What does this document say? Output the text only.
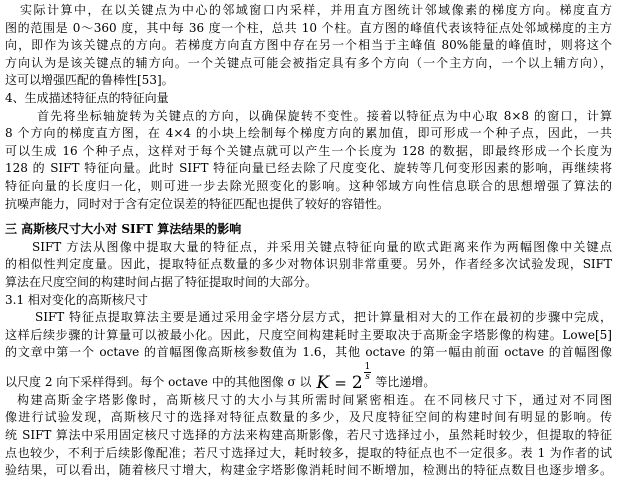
实际计算中，在以关键点为中心的邻域窗口内采样，并用直方图统计邻域像素的梯度方向。梯度直方
图的范围是 0～360 度，其中每 36 度一个柱，总共 10 个柱。直方图的峰值代表该特征点处邻域梯度的主方
向，即作为该关键点的方向。若梯度方向直方图中存在另一个相当于主峰值 80%能量的峰值时，则将这个
方向认为是该关键点的辅方向。一个关键点可能会被指定具有多个方向（一个主方向，一个以上辅方向），
这可以增强匹配的鲁棒性[53]。
4、生成描述特征点的特征向量
首先将坐标轴旋转为关键点的方向，以确保旋转不变性。接着以特征点为中心取 8×8 的窗口，计算
8 个方向的梯度直方图，在 4×4 的小块上绘制每个梯度方向的累加值，即可形成一个种子点，因此，一共
可以生成 16 个种子点，这样对于每个关键点就可以产生一个长度为 128 的数据，即最终形成一个长度为
128 的 SIFT 特征向量。此时 SIFT 特征向量已经去除了尺度变化、旋转等几何变形因素的影响，再继续将
特征向量的长度归一化，则可进一步去除光照变化的影响。这种邻域方向性信息联合的思想增强了算法的
抗噪声能力，同时对于含有定位误差的特征匹配也提供了较好的容错性。
三 高斯核尺寸大小对 SIFT 算法结果的影响
SIFT 方法从图像中提取大量的特征点，并采用关键点特征向量的欧式距离来作为两幅图像中关键点
的相似性判定度量。因此，提取特征点数量的多少对物体识别非常重要。另外，作者经多次试验发现，SIFT
算法在尺度空间的构建时间占据了特征提取时间的大部分。
3.1 相对变化的高斯核尺寸
SIFT 特征点提取算法主要是通过采用金字塔分层方式，把计算量相对大的工作在最初的步骤中完成，
这样后续步骤的计算量可以被最小化。因此，尺度空间构建耗时主要取决于高斯金字塔影像的构建。Lowe[5]
的文章中第一个 octave 的首幅图像高斯核参数值为 1.6，其他 octave 的第一幅由前面 octave 的首幅图像
以尺度 2 向下采样得到。每个 octave 中的其他图像 σ 以 K = 2
$\frac{1}{s}$
等比递增。
构建高斯金字塔影像时，高斯核尺寸的大小与其所需时间紧密相连。在不同核尺寸下，通过对不同图
像进行试验发现，高斯核尺寸的选择对特征点数量的多少，及尺度特征空间的构建时间有明显的影响。传
统 SIFT 算法中采用固定核尺寸选择的方法来构建高斯影像，若尺寸选择过小，虽然耗时较少，但提取的特征
点也较少，不利于后续影像配准；若尺寸选择过大，耗时较多，提取的特征点也不一定很多。表 1 为作者的试
验结果，可以看出，随着核尺寸增大，构建金字塔影像消耗时间不断增加，检测出的特征点数目也逐步增多。
